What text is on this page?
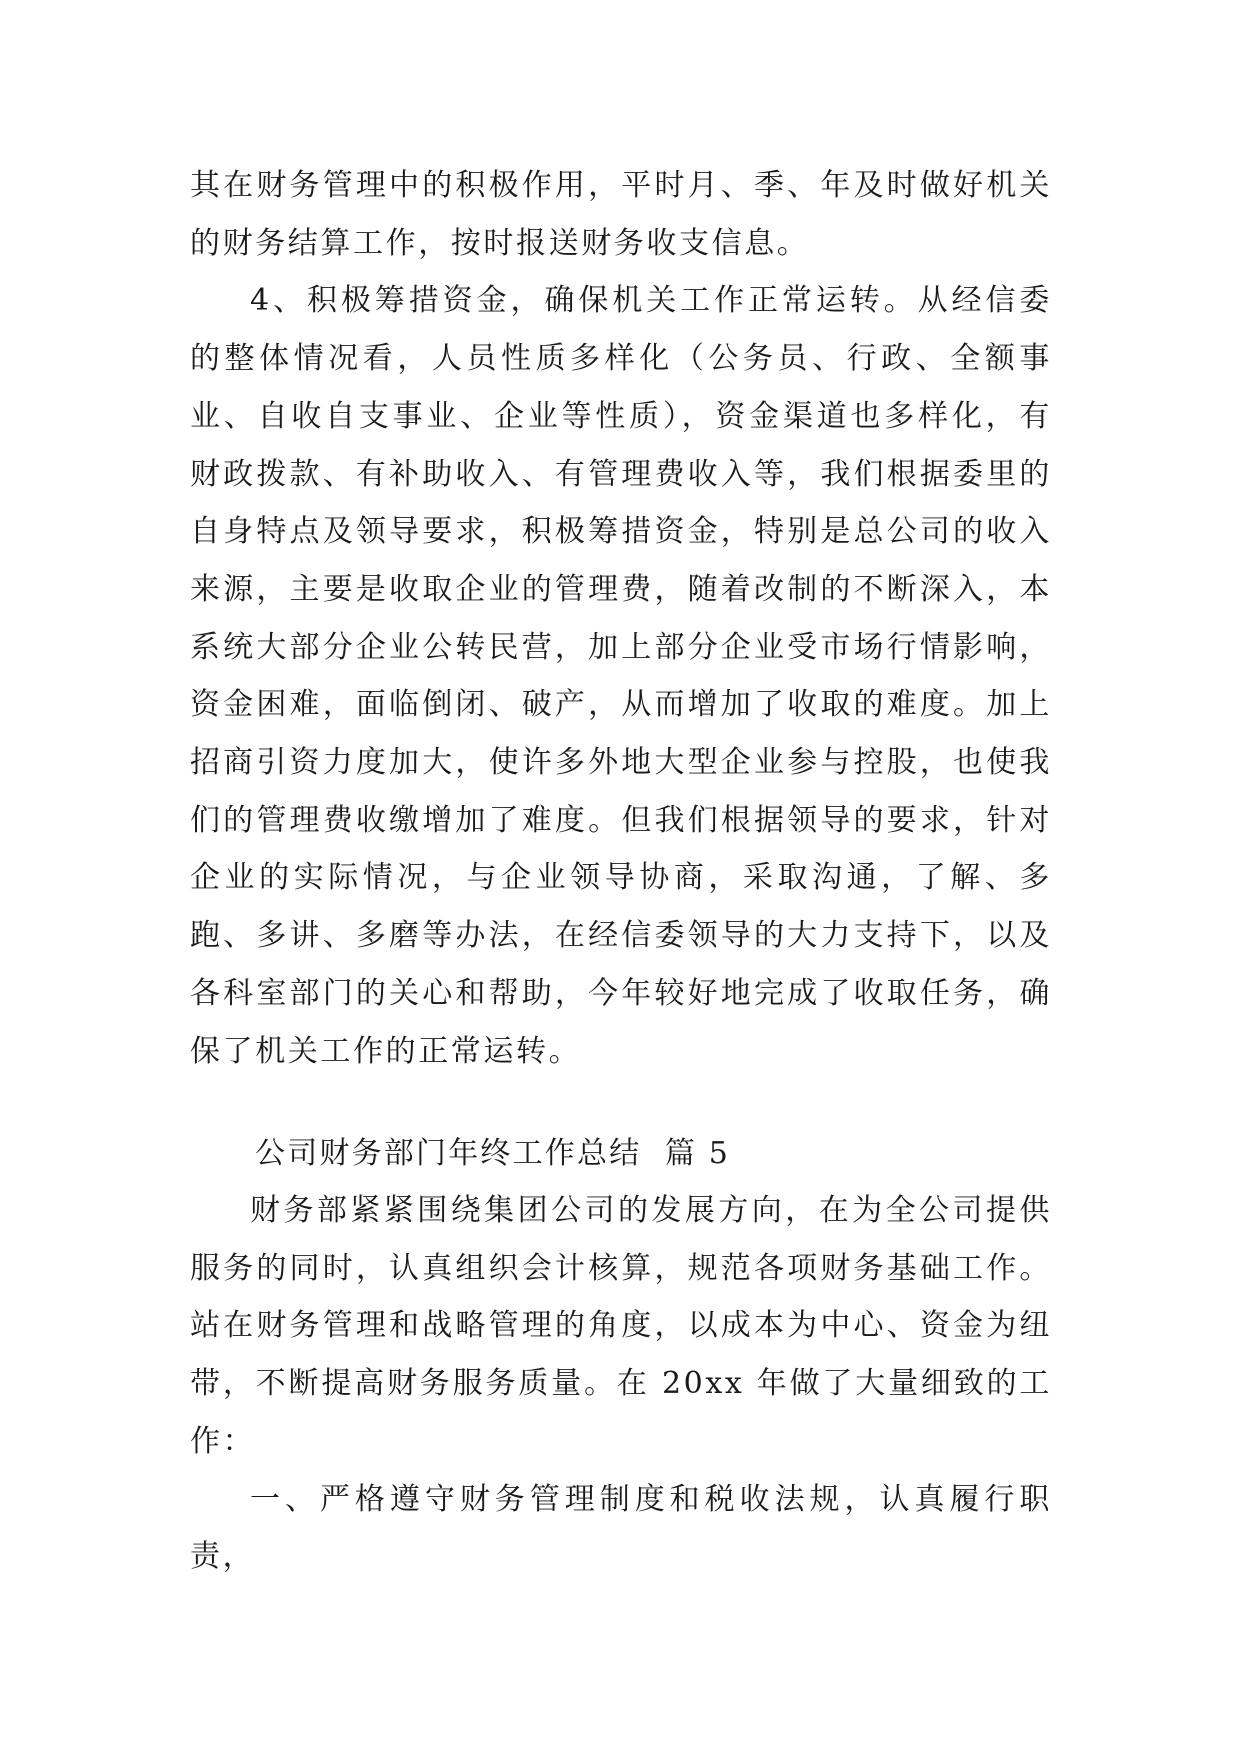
其在财务管理中的积极作用，平时月、季、年及时做好机关的财务结算工作，按时报送财务收支信息。

4、积极筹措资金，确保机关工作正常运转。从经信委的整体情况看，人员性质多样化（公务员、行政、全额事业、自收自支事业、企业等性质），资金渠道也多样化，有财政拨款、有补助收入、有管理费收入等，我们根据委里的自身特点及领导要求，积极筹措资金，特别是总公司的收入来源，主要是收取企业的管理费，随着改制的不断深入，本系统大部分企业公转民营，加上部分企业受市场行情影响，资金困难，面临倒闭、破产，从而增加了收取的难度。加上招商引资力度加大，使许多外地大型企业参与控股，也使我们的管理费收缴增加了难度。但我们根据领导的要求，针对企业的实际情况，与企业领导协商，采取沟通，了解、多跑、多讲、多磨等办法，在经信委领导的大力支持下，以及各科室部门的关心和帮助，今年较好地完成了收取任务，确保了机关工作的正常运转。

公司财务部门年终工作总结  篇 5

财务部紧紧围绕集团公司的发展方向，在为全公司提供服务的同时，认真组织会计核算，规范各项财务基础工作。站在财务管理和战略管理的角度，以成本为中心、资金为纽带，不断提高财务服务质量。在 20xx 年做了大量细致的工作：

一、严格遵守财务管理制度和税收法规，认真履行职责，
